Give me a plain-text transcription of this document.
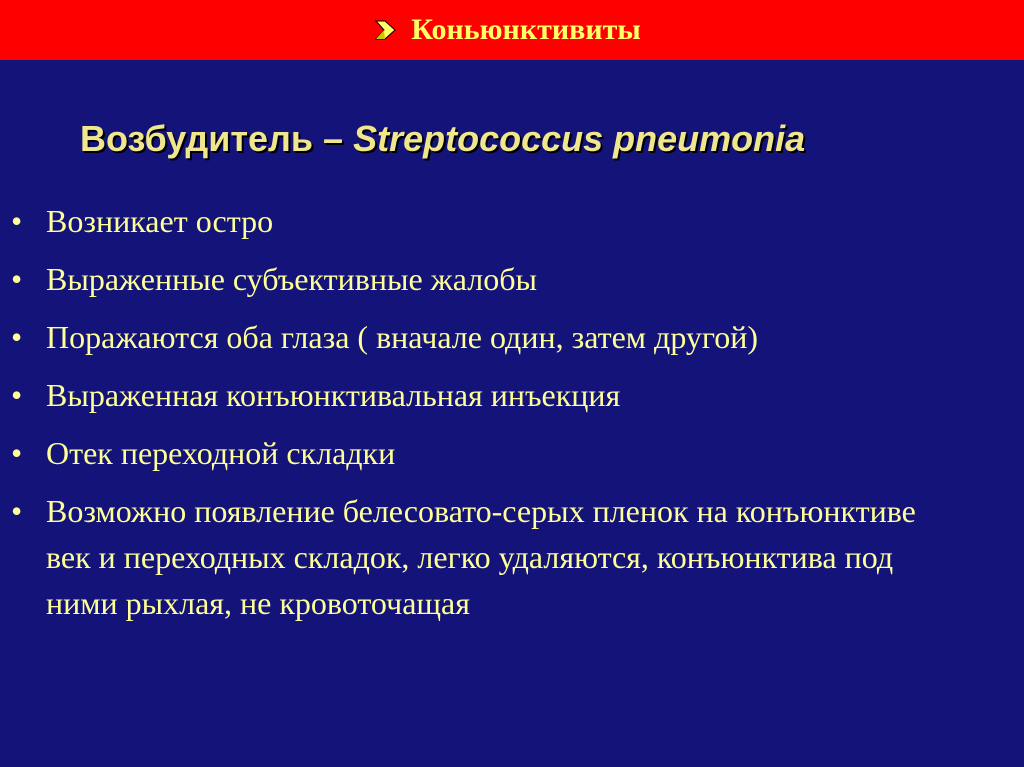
Коньюнктивиты
Возбудитель – Streptococcus pneumonia
• Возникает остро
• Выраженные субъективные жалобы
• Поражаются оба глаза ( вначале один, затем другой)
• Выраженная конъюнктивальная инъекция
• Отек переходной складки
• Возможно появление белесовато-серых пленок на конъюнктиве век и переходных складок, легко удаляются, конъюнктива под ними рыхлая, не кровоточащая
